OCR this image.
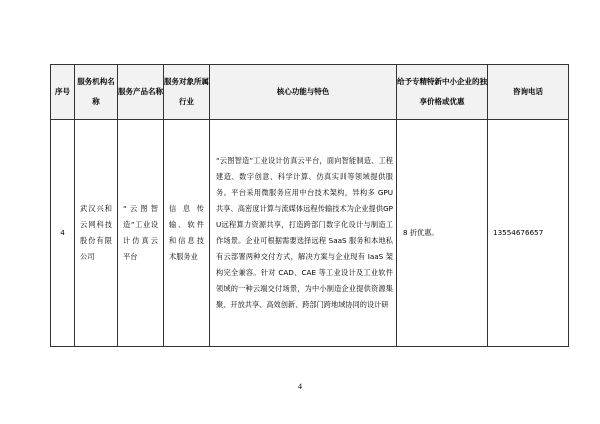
序号	服务机构名称	服务产品名称	服务对象所属行业	核心功能与特色	给予专精特新中小企业的独享价格或优惠	咨询电话
4	武汉兴和云网科技股份有限公司	“云图智造”工业设计仿真云平台	信息传输、软件和信息技术服务业	“云图智造”工业设计仿真云平台，面向智能制造、工程建造、数字创意、科学计算、仿真实训等领域提供服务。平台采用微服务应用中台技术架构，异构多 GPU 共享、高密度计算与流媒体远程传输技术为企业提供GPU远程算力资源共享，打造跨部门数字化设计与制造工作场景。企业可根据需要选择远程 SaaS 服务和本地私有云部署两种交付方式，解决方案与企业现有 IaaS 架构完全兼容。针对 CAD、CAE 等工业设计及工业软件领域的一种云端交付场景，为中小制造企业提供资源集聚、开放共享、高效创新、跨部门跨地域协同的设计研	8 折优惠。	13554676657
4
